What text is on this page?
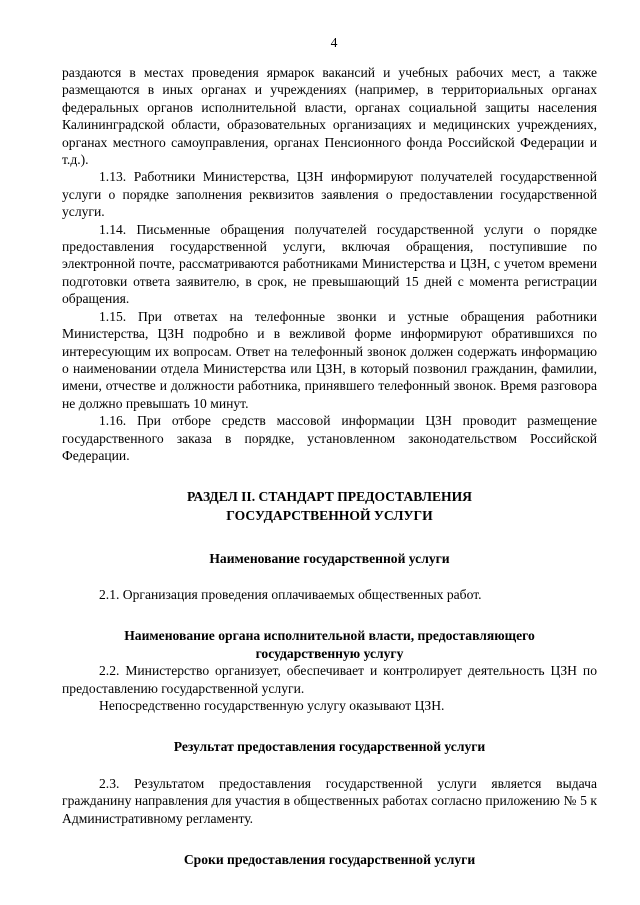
4

раздаются в местах проведения ярмарок вакансий и учебных рабочих мест, а также размещаются в иных органах и учреждениях (например, в территориальных органах федеральных органов исполнительной власти, органах социальной защиты населения Калининградской области, образовательных организациях и медицинских учреждениях, органах местного самоуправления, органах Пенсионного фонда Российской Федерации и т.д.).

1.13. Работники Министерства, ЦЗН информируют получателей государственной услуги о порядке заполнения реквизитов заявления о предоставлении государственной услуги.

1.14. Письменные обращения получателей государственной услуги о порядке предоставления государственной услуги, включая обращения, поступившие по электронной почте, рассматриваются работниками Министерства и ЦЗН, с учетом времени подготовки ответа заявителю, в срок, не превышающий 15 дней с момента регистрации обращения.

1.15. При ответах на телефонные звонки и устные обращения работники Министерства, ЦЗН подробно и в вежливой форме информируют обратившихся по интересующим их вопросам. Ответ на телефонный звонок должен содержать информацию о наименовании отдела Министерства или ЦЗН, в который позвонил гражданин, фамилии, имени, отчестве и должности работника, принявшего телефонный звонок. Время разговора не должно превышать 10 минут.

1.16. При отборе средств массовой информации ЦЗН проводит размещение государственного заказа в порядке, установленном законодательством Российской Федерации.

РАЗДЕЛ II. СТАНДАРТ ПРЕДОСТАВЛЕНИЯ
ГОСУДАРСТВЕННОЙ УСЛУГИ
Наименование государственной услуги

2.1. Организация проведения оплачиваемых общественных работ.

Наименование органа исполнительной власти, предоставляющего
государственную услугу

2.2. Министерство организует, обеспечивает и контролирует деятельность ЦЗН по предоставлению государственной услуги.

Непосредственно государственную услугу оказывают ЦЗН.

Результат предоставления государственной услуги

2.3. Результатом предоставления государственной услуги является выдача гражданину направления для участия в общественных работах согласно приложению № 5 к Административному регламенту.

Сроки предоставления государственной услуги
